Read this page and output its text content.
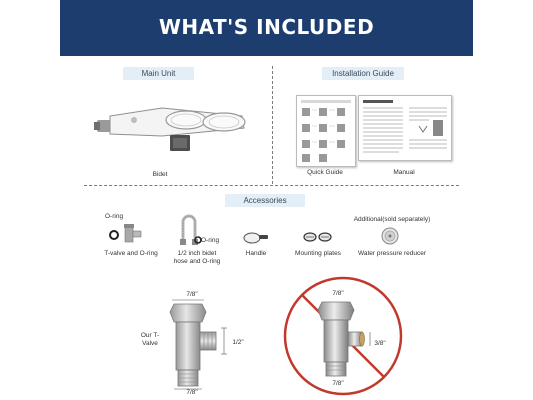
WHAT'S INCLUDED
Main Unit	Installation Guide
Bidet	Quick Guide	Manual
Accessories
O-ring
T-valve and O-ring
O-ring
1/2 inch bidet hose and O-ring
Handle	Mounting plates
Additional(sold separately)
Water pressure reducer
Our T-Valve
7/8"
1/2"
7/8"
7/8"
3/8"
7/8"
